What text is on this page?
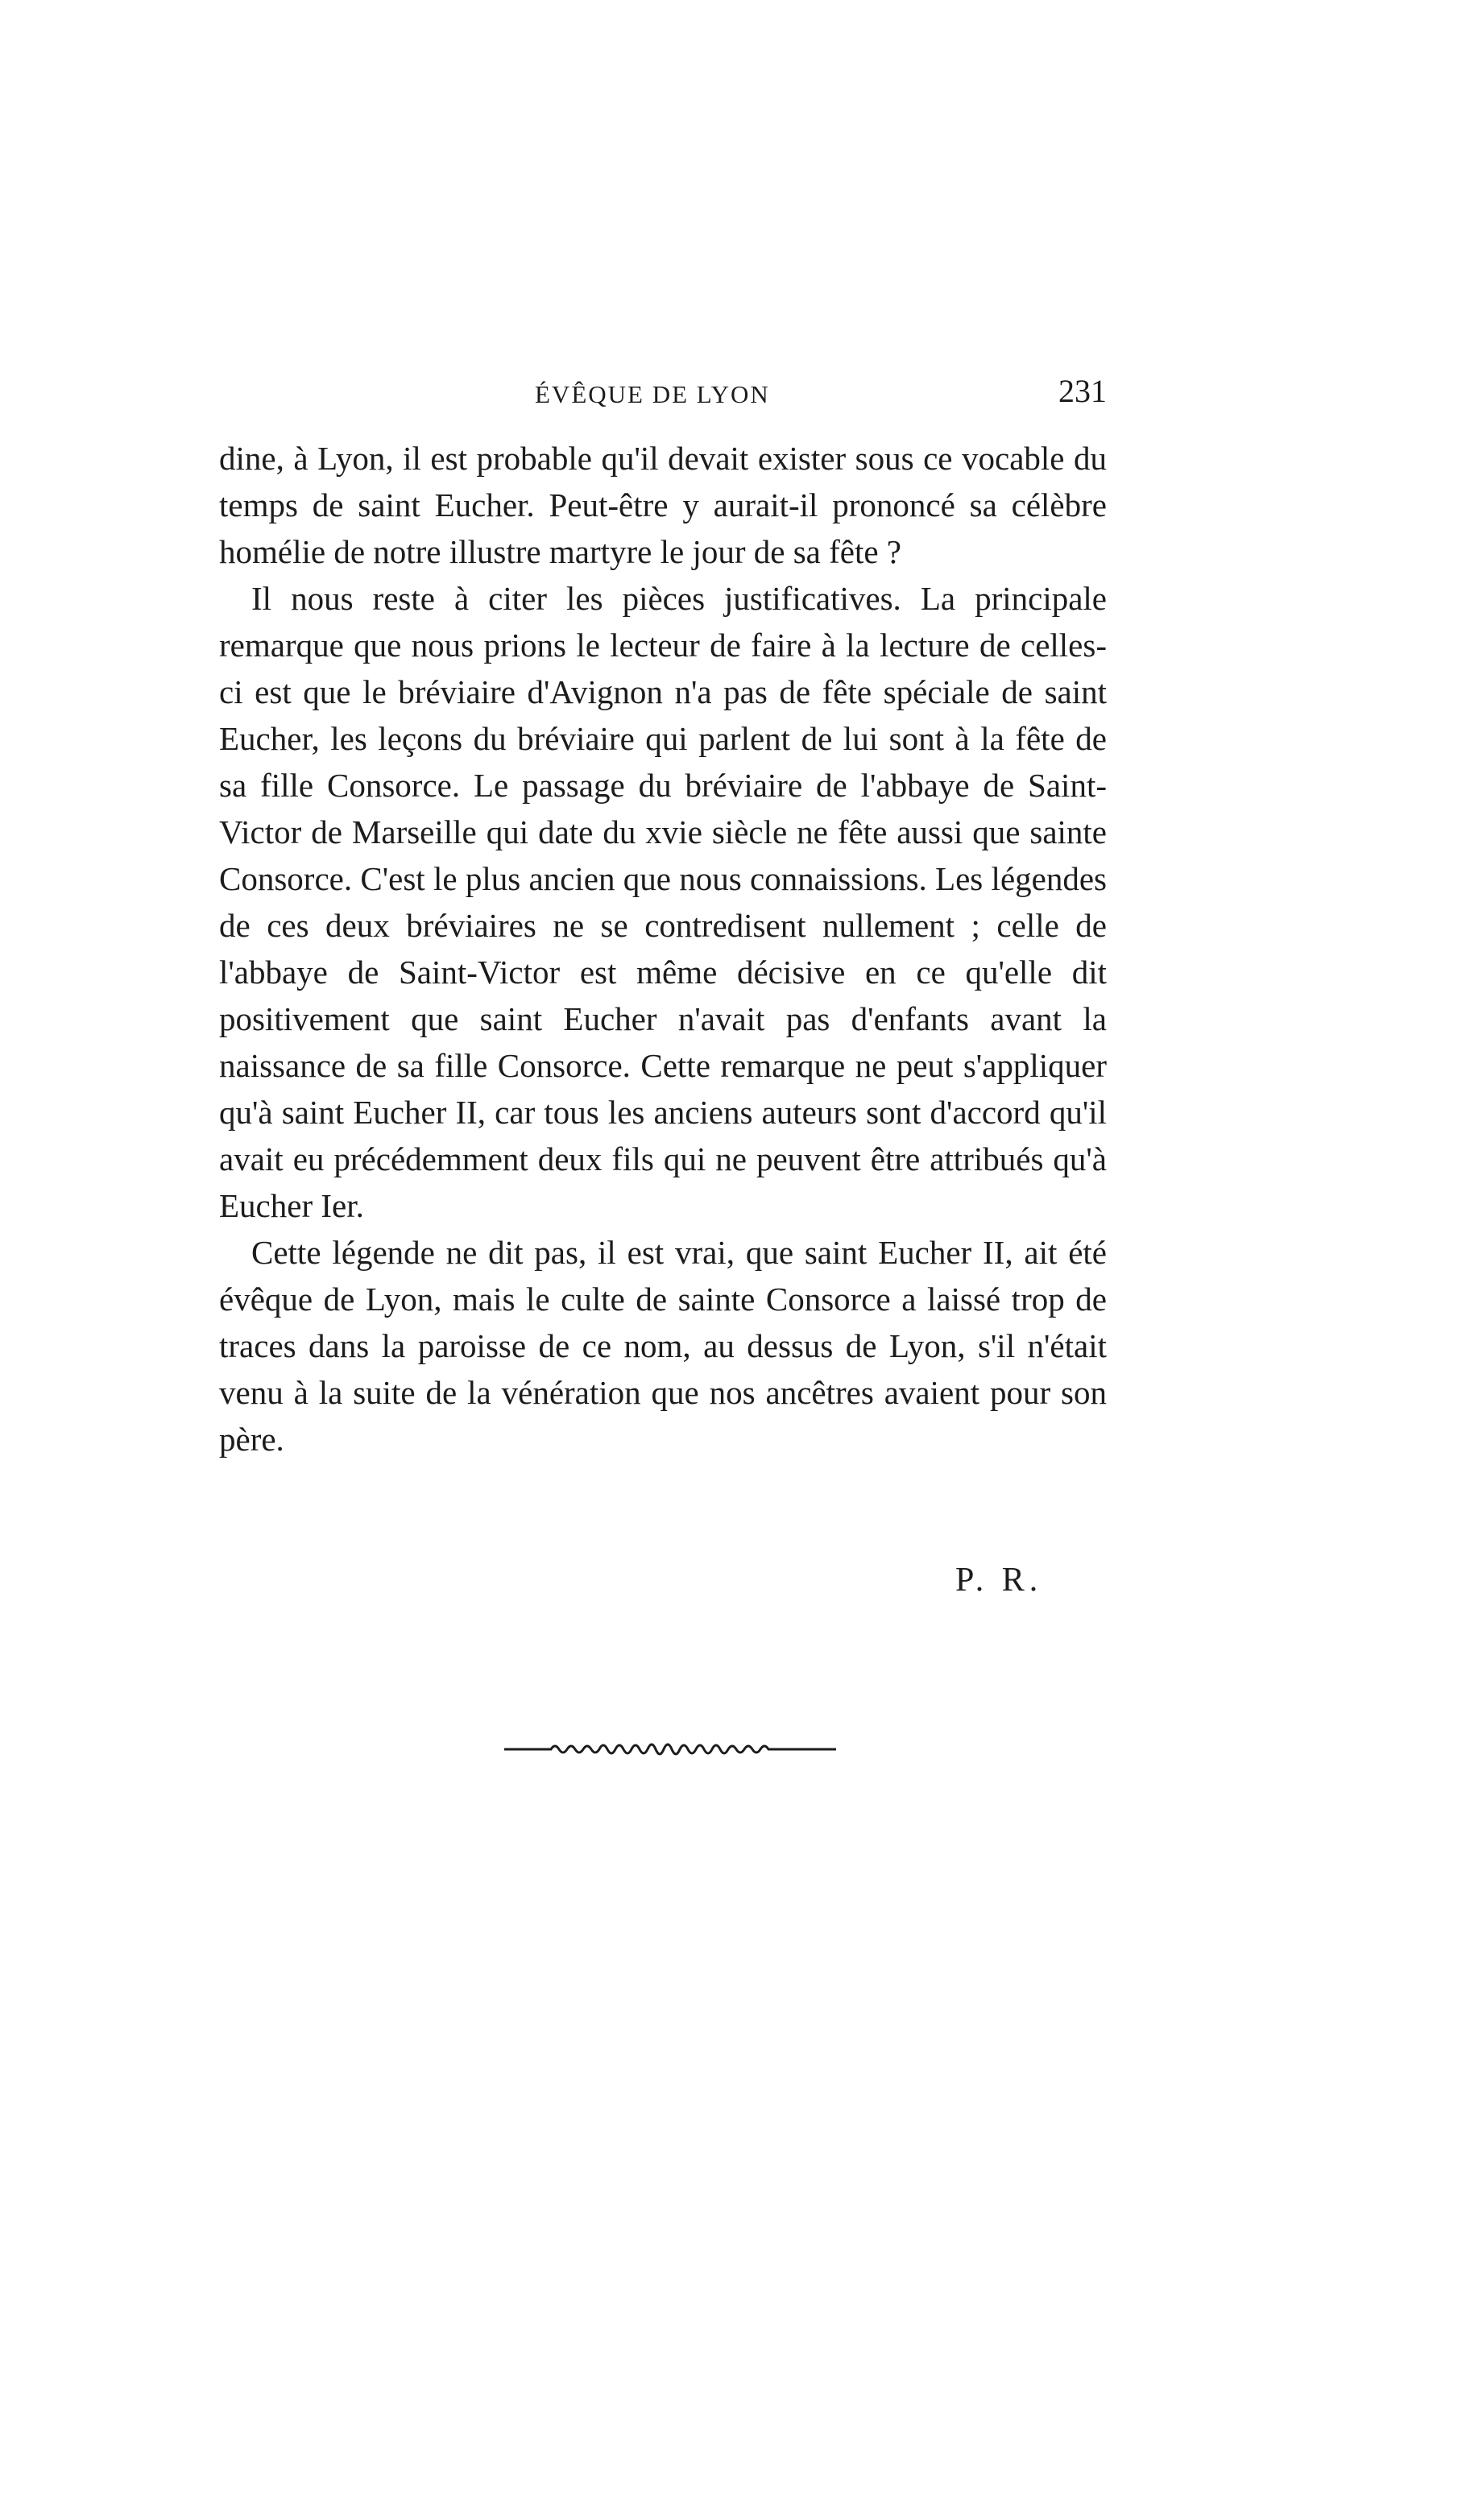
ÉVÊQUE DE LYON	231

dine, à Lyon, il est probable qu'il devait exister sous ce vocable du temps de saint Eucher. Peut-être y aurait-il prononcé sa célèbre homélie de notre illustre martyre le jour de sa fête ?

Il nous reste à citer les pièces justificatives. La principale remarque que nous prions le lecteur de faire à la lecture de celles-ci est que le bréviaire d'Avignon n'a pas de fête spéciale de saint Eucher, les leçons du bréviaire qui parlent de lui sont à la fête de sa fille Consorce. Le passage du bréviaire de l'abbaye de Saint-Victor de Marseille qui date du xvie siècle ne fête aussi que sainte Consorce. C'est le plus ancien que nous connaissions. Les légendes de ces deux bréviaires ne se contredisent nullement ; celle de l'abbaye de Saint-Victor est même décisive en ce qu'elle dit positivement que saint Eucher n'avait pas d'enfants avant la naissance de sa fille Consorce. Cette remarque ne peut s'appliquer qu'à saint Eucher II, car tous les anciens auteurs sont d'accord qu'il avait eu précédemment deux fils qui ne peuvent être attribués qu'à Eucher Ier.

Cette légende ne dit pas, il est vrai, que saint Eucher II, ait été évêque de Lyon, mais le culte de sainte Consorce a laissé trop de traces dans la paroisse de ce nom, au dessus de Lyon, s'il n'était venu à la suite de la vénération que nos ancêtres avaient pour son père.

P. R.
